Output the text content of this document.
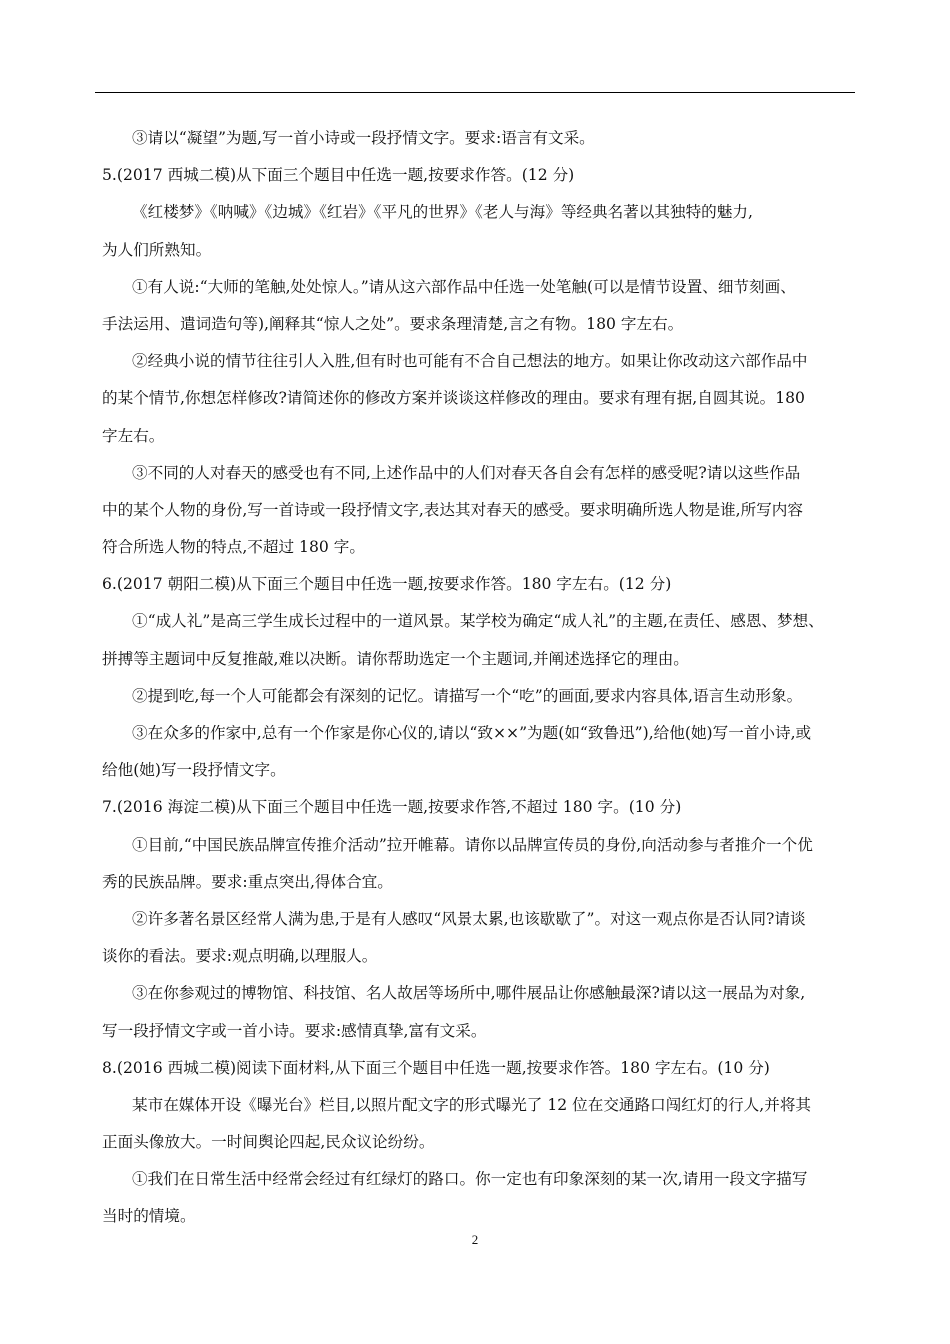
③请以“凝望”为题,写一首小诗或一段抒情文字。要求:语言有文采。
5.(2017 西城二模)从下面三个题目中任选一题,按要求作答。(12 分)
《红楼梦》《呐喊》《边城》《红岩》《平凡的世界》《老人与海》等经典名著以其独特的魅力,
为人们所熟知。
①有人说:“大师的笔触,处处惊人。”请从这六部作品中任选一处笔触(可以是情节设置、细节刻画、
手法运用、遣词造句等),阐释其“惊人之处”。要求条理清楚,言之有物。180 字左右。
②经典小说的情节往往引人入胜,但有时也可能有不合自己想法的地方。如果让你改动这六部作品中
的某个情节,你想怎样修改?请简述你的修改方案并谈谈这样修改的理由。要求有理有据,自圆其说。180
字左右。
③不同的人对春天的感受也有不同,上述作品中的人们对春天各自会有怎样的感受呢?请以这些作品
中的某个人物的身份,写一首诗或一段抒情文字,表达其对春天的感受。要求明确所选人物是谁,所写内容
符合所选人物的特点,不超过 180 字。
6.(2017 朝阳二模)从下面三个题目中任选一题,按要求作答。180 字左右。(12 分)
①“成人礼”是高三学生成长过程中的一道风景。某学校为确定“成人礼”的主题,在责任、感恩、梦想、
拼搏等主题词中反复推敲,难以决断。请你帮助选定一个主题词,并阐述选择它的理由。
②提到吃,每一个人可能都会有深刻的记忆。请描写一个“吃”的画面,要求内容具体,语言生动形象。
③在众多的作家中,总有一个作家是你心仪的,请以“致××”为题(如“致鲁迅”),给他(她)写一首小诗,或
给他(她)写一段抒情文字。
7.(2016 海淀二模)从下面三个题目中任选一题,按要求作答,不超过 180 字。(10 分)
①目前,“中国民族品牌宣传推介活动”拉开帷幕。请你以品牌宣传员的身份,向活动参与者推介一个优
秀的民族品牌。要求:重点突出,得体合宜。
②许多著名景区经常人满为患,于是有人感叹“风景太累,也该歇歇了”。对这一观点你是否认同?请谈
谈你的看法。要求:观点明确,以理服人。
③在你参观过的博物馆、科技馆、名人故居等场所中,哪件展品让你感触最深?请以这一展品为对象,
写一段抒情文字或一首小诗。要求:感情真挚,富有文采。
8.(2016 西城二模)阅读下面材料,从下面三个题目中任选一题,按要求作答。180 字左右。(10 分)
某市在媒体开设《曝光台》栏目,以照片配文字的形式曝光了 12 位在交通路口闯红灯的行人,并将其
正面头像放大。一时间舆论四起,民众议论纷纷。
①我们在日常生活中经常会经过有红绿灯的路口。你一定也有印象深刻的某一次,请用一段文字描写
当时的情境。
2
